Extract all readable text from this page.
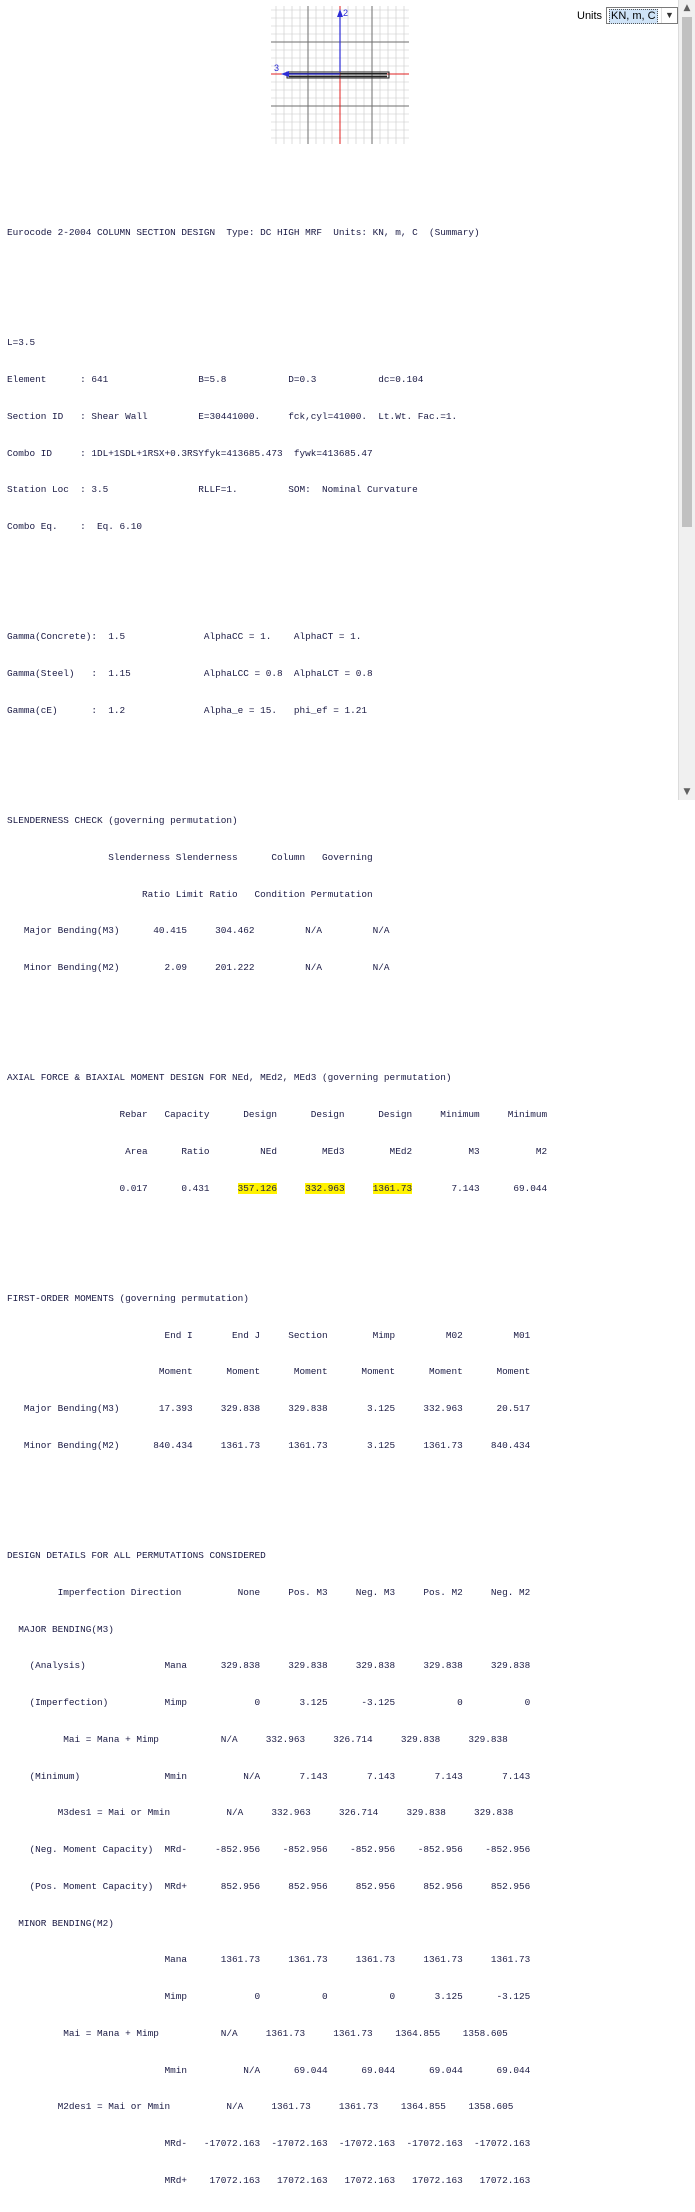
2
3

Eurocode 2-2004 COLUMN SECTION DESIGN  Type: DC HIGH MRF  Units: KN, m, C  (Summary)

L=3.5

Element      : 641                B=5.8           D=0.3           dc=0.104

Section ID   : Shear Wall         E=30441000.     fck,cyl=41000.  Lt.Wt. Fac.=1.

Combo ID     : 1DL+1SDL+1RSX+0.3RSYfyk=413685.473  fywk=413685.47

Station Loc  : 3.5                RLLF=1.         SOM:  Nominal Curvature

Combo Eq.    :  Eq. 6.10

Gamma(Concrete):  1.5              AlphaCC = 1.    AlphaCT = 1.

Gamma(Steel)   :  1.15             AlphaLCC = 0.8  AlphaLCT = 0.8

Gamma(cE)      :  1.2              Alpha_e = 15.   phi_ef = 1.21

SLENDERNESS CHECK (governing permutation)

Slenderness Slenderness      Column   Governing

Ratio Limit Ratio   Condition Permutation

Major Bending(M3)      40.415     304.462         N/A         N/A

Minor Bending(M2)        2.09     201.222         N/A         N/A

AXIAL FORCE & BIAXIAL MOMENT DESIGN FOR NEd, MEd2, MEd3 (governing permutation)

Rebar   Capacity      Design      Design      Design     Minimum     Minimum

Area      Ratio         NEd        MEd3        MEd2          M3          M2

0.017      0.431     357.126	332.963	1361.73       7.143      69.044

FIRST-ORDER MOMENTS (governing permutation)

End I       End J     Section        Mimp         M02         M01

Moment      Moment      Moment      Moment      Moment      Moment

Major Bending(M3)       17.393     329.838     329.838       3.125     332.963      20.517

Minor Bending(M2)      840.434     1361.73     1361.73       3.125     1361.73     840.434

DESIGN DETAILS FOR ALL PERMUTATIONS CONSIDERED

Imperfection Direction          None     Pos. M3     Neg. M3     Pos. M2     Neg. M2

MAJOR BENDING(M3)

(Analysis)              Mana      329.838     329.838     329.838     329.838     329.838

(Imperfection)          Mimp            0       3.125      -3.125           0           0

Mai = Mana + Mimp           N/A     332.963     326.714     329.838     329.838

(Minimum)               Mmin          N/A       7.143       7.143       7.143       7.143

M3des1 = Mai or Mmin          N/A     332.963     326.714     329.838     329.838

(Neg. Moment Capacity)  MRd-     -852.956    -852.956    -852.956    -852.956    -852.956

(Pos. Moment Capacity)  MRd+      852.956     852.956     852.956     852.956     852.956

MINOR BENDING(M2)

Mana      1361.73     1361.73     1361.73     1361.73     1361.73

Mimp            0           0           0       3.125      -3.125

Mai = Mana + Mimp           N/A     1361.73     1361.73    1364.855    1358.605

Mmin          N/A      69.044      69.044      69.044      69.044

M2des1 = Mai or Mmin          N/A     1361.73     1361.73    1364.855    1358.605

MRd-   -17072.163  -17072.163  -17072.163  -17072.163  -17072.163

MRd+    17072.163   17072.163   17072.163   17072.163   17072.163

Units KN, m, C	▼
▲
▼
